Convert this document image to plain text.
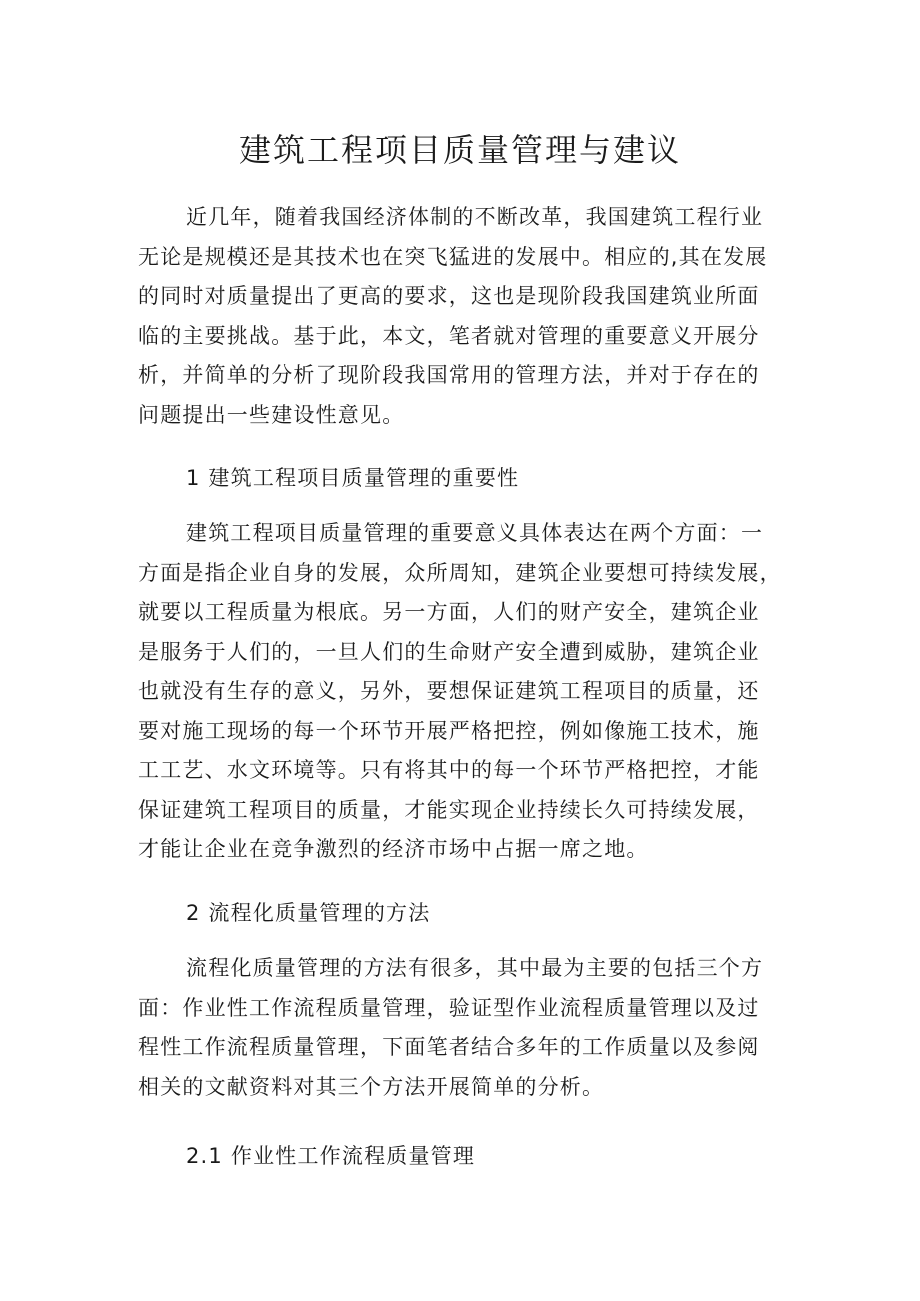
建筑工程项目质量管理与建议
近几年，随着我国经济体制的不断改革，我国建筑工程行业
无论是规模还是其技术也在突飞猛进的发展中。相应的,其在发展
的同时对质量提出了更高的要求，这也是现阶段我国建筑业所面
临的主要挑战。基于此，本文，笔者就对管理的重要意义开展分
析，并简单的分析了现阶段我国常用的管理方法，并对于存在的
问题提出一些建设性意见。
1 建筑工程项目质量管理的重要性
建筑工程项目质量管理的重要意义具体表达在两个方面：一
方面是指企业自身的发展，众所周知，建筑企业要想可持续发展，
就要以工程质量为根底。另一方面，人们的财产安全，建筑企业
是服务于人们的，一旦人们的生命财产安全遭到威胁，建筑企业
也就没有生存的意义，另外，要想保证建筑工程项目的质量，还
要对施工现场的每一个环节开展严格把控，例如像施工技术，施
工工艺、水文环境等。只有将其中的每一个环节严格把控，才能
保证建筑工程项目的质量，才能实现企业持续长久可持续发展，
才能让企业在竞争激烈的经济市场中占据一席之地。
2 流程化质量管理的方法
流程化质量管理的方法有很多，其中最为主要的包括三个方
面：作业性工作流程质量管理，验证型作业流程质量管理以及过
程性工作流程质量管理，下面笔者结合多年的工作质量以及参阅
相关的文献资料对其三个方法开展简单的分析。
2.1 作业性工作流程质量管理
